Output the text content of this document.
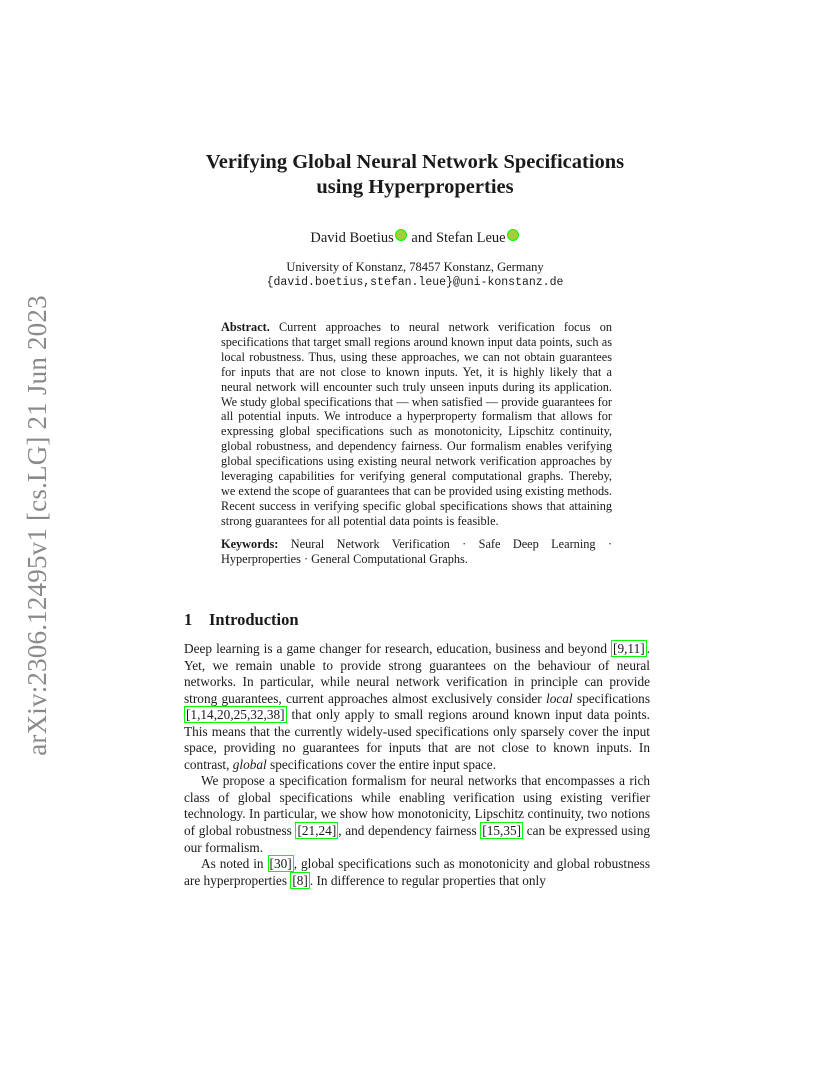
arXiv:2306.12495v1 [cs.LG] 21 Jun 2023
Verifying Global Neural Network Specifications
using Hyperproperties
David Boetius and Stefan Leue
University of Konstanz, 78457 Konstanz, Germany
{david.boetius,stefan.leue}@uni-konstanz.de

Abstract. Current approaches to neural network verification focus on specifications that target small regions around known input data points, such as local robustness. Thus, using these approaches, we can not obtain guarantees for inputs that are not close to known inputs. Yet, it is highly likely that a neural network will encounter such truly unseen inputs during its application. We study global specifications that — when satisfied — provide guarantees for all potential inputs. We introduce a hyperproperty formalism that allows for expressing global specifications such as monotonicity, Lipschitz continuity, global robustness, and dependency fairness. Our formalism enables verifying global specifications using existing neural network verification approaches by leveraging capabilities for verifying general computational graphs. Thereby, we extend the scope of guarantees that can be provided using existing methods. Recent success in verifying specific global specifications shows that attaining strong guarantees for all potential data points is feasible.

Keywords: Neural Network Verification · Safe Deep Learning · Hyperproperties · General Computational Graphs.

1 Introduction

Deep learning is a game changer for research, education, business and beyond [9,11] . Yet, we remain unable to provide strong guarantees on the behaviour of neural networks. In particular, while neural network verification in principle can provide strong guarantees, current approaches almost exclusively consider local specifications [1,14,20,25,32,38] that only apply to small regions around known input data points. This means that the currently widely-used specifications only sparsely cover the input space, providing no guarantees for inputs that are not close to known inputs. In contrast, global specifications cover the entire input space.

We propose a specification formalism for neural networks that encompasses a rich class of global specifications while enabling verification using existing verifier technology. In particular, we show how monotonicity, Lipschitz continuity, two notions of global robustness [21,24] , and dependency fairness [15,35] can be expressed using our formalism.

As noted in [30] , global specifications such as monotonicity and global robustness are hyperproperties [8] . In difference to regular properties that only
